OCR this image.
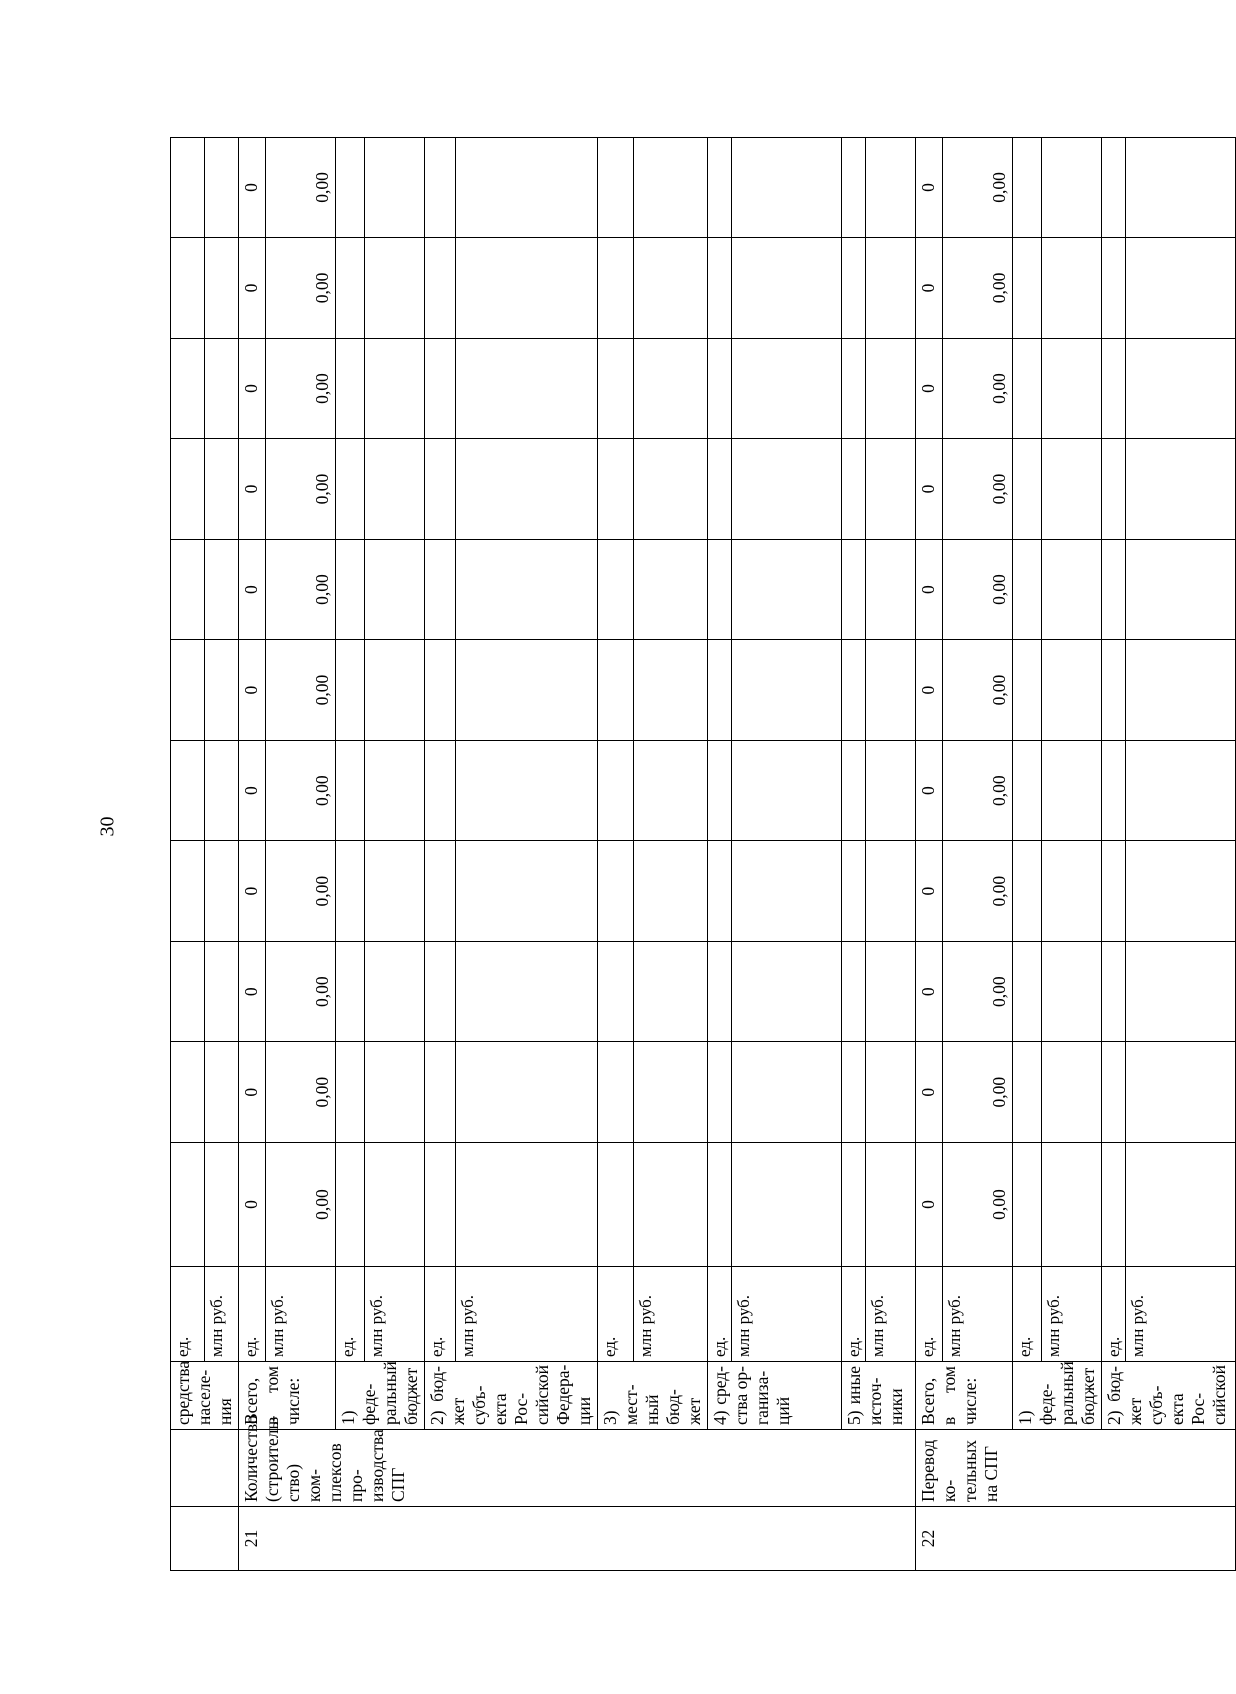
30
		средства населе-ния	ед.											
			млн руб.											
21	Количество (строитель-ство) ком-плексов про-изводства СПГ	Всего, в том числе:	ед.	0	0	0	0	0	0	0	0	0	0	0
			млн руб.	0,00	0,00	0,00	0,00	0,00	0,00	0,00	0,00	0,00	0,00	0,00
		1) феде-ральный бюджет	ед.											
			млн руб.											
		2) бюд-жет субъ-екта Рос-сийской Федера-ции	ед.											
			млн руб.											
		3) мест-ный бюд-жет	ед.											
			млн руб.											
		4) сред-ства ор-ганиза-ций	ед.											
			млн руб.											
		5) иные источ-ники	ед.											
			млн руб.											
22	Перевод ко-тельных на СПГ	Всего, в том числе:	ед.	0	0	0	0	0	0	0	0	0	0	0
			млн руб.	0,00	0,00	0,00	0,00	0,00	0,00	0,00	0,00	0,00	0,00	0,00
		1) феде-ральный бюджет	ед.											
			млн руб.											
		2) бюд-жет субъ-екта Рос-сийской	ед.											
			млн руб.											
